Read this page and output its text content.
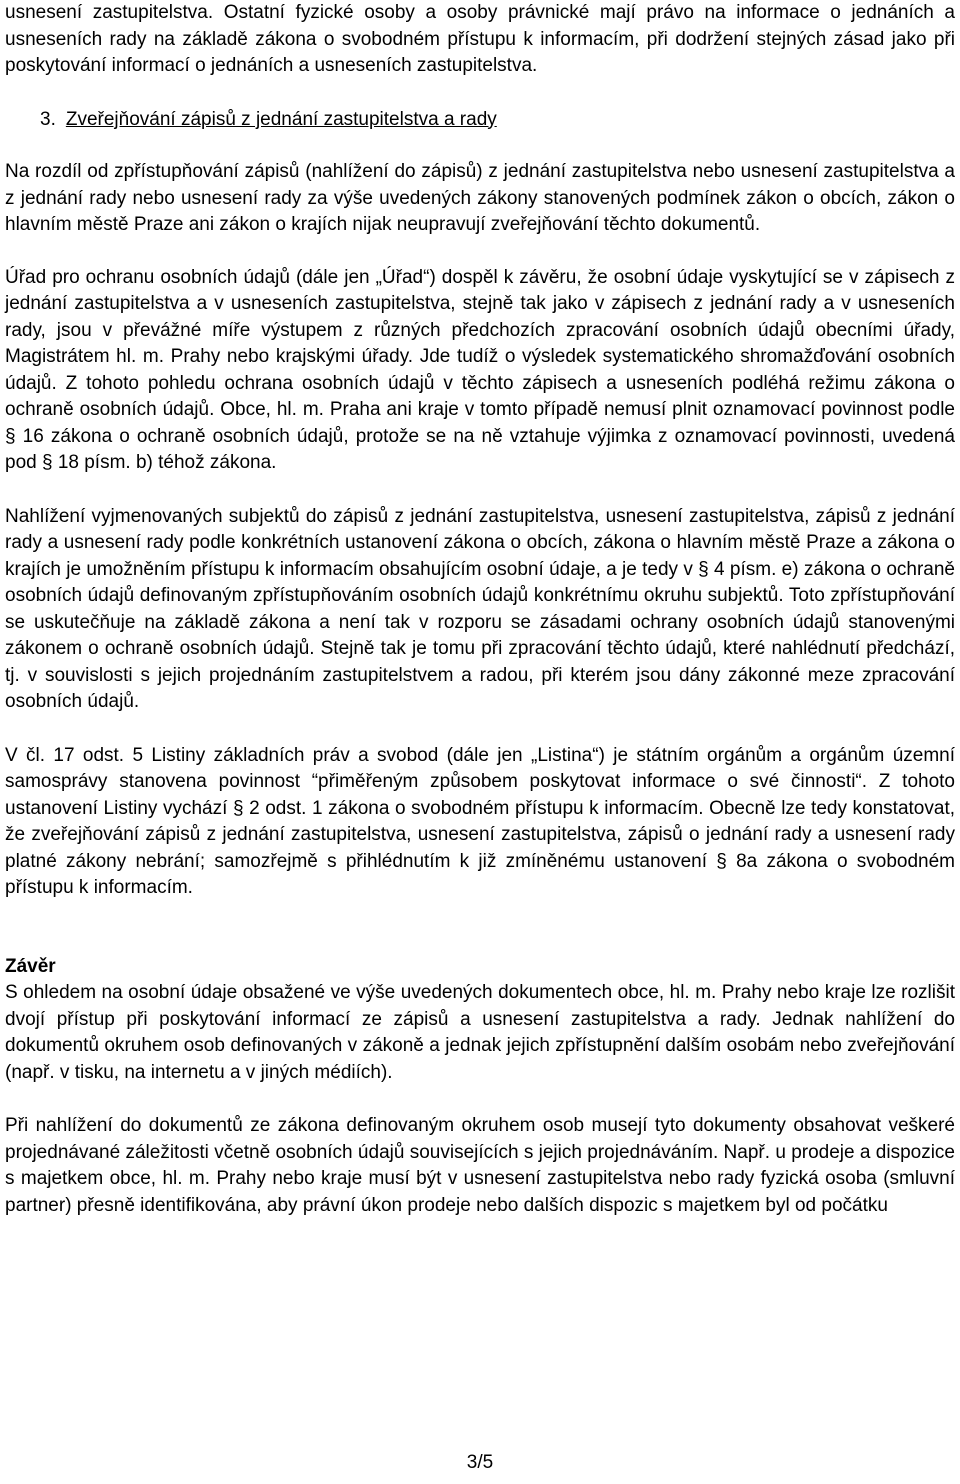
usnesení zastupitelstva. Ostatní fyzické osoby a osoby právnické mají právo na informace o jednáních a usneseních rady na základě zákona o svobodném přístupu k informacím, při dodržení stejných zásad jako při poskytování informací o jednáních a usneseních zastupitelstva.

3. Zveřejňování zápisů z jednání zastupitelstva a rady

Na rozdíl od zpřístupňování zápisů (nahlížení do zápisů) z jednání zastupitelstva nebo usnesení zastupitelstva a z jednání rady nebo usnesení rady za výše uvedených zákony stanovených podmínek zákon o obcích, zákon o hlavním městě Praze ani zákon o krajích nijak neupravují zveřejňování těchto dokumentů.

Úřad pro ochranu osobních údajů (dále jen „Úřad“) dospěl k závěru, že osobní údaje vyskytující se v zápisech z jednání zastupitelstva a v usneseních zastupitelstva, stejně tak jako v zápisech z jednání rady a v usneseních rady, jsou v převážné míře výstupem z různých předchozích zpracování osobních údajů obecními úřady, Magistrátem hl. m. Prahy nebo krajskými úřady. Jde tudíž o výsledek systematického shromažďování osobních údajů. Z tohoto pohledu ochrana osobních údajů v těchto zápisech a usneseních podléhá režimu zákona o ochraně osobních údajů. Obce, hl. m. Praha ani kraje v tomto případě nemusí plnit oznamovací povinnost podle § 16 zákona o ochraně osobních údajů, protože se na ně vztahuje výjimka z oznamovací povinnosti, uvedená pod § 18 písm. b) téhož zákona.

Nahlížení vyjmenovaných subjektů do zápisů z jednání zastupitelstva, usnesení zastupitelstva, zápisů z jednání rady a usnesení rady podle konkrétních ustanovení zákona o obcích, zákona o hlavním městě Praze a zákona o krajích je umožněním přístupu k informacím obsahujícím osobní údaje, a je tedy v § 4 písm. e) zákona o ochraně osobních údajů definovaným zpřístupňováním osobních údajů konkrétnímu okruhu subjektů. Toto zpřístupňování se uskutečňuje na základě zákona a není tak v rozporu se zásadami ochrany osobních údajů stanovenými zákonem o ochraně osobních údajů. Stejně tak je tomu při zpracování těchto údajů, které nahlédnutí předchází, tj. v souvislosti s jejich projednáním zastupitelstvem a radou, při kterém jsou dány zákonné meze zpracování osobních údajů.

V čl. 17 odst. 5 Listiny základních práv a svobod (dále jen „Listina“) je státním orgánům a orgánům územní samosprávy stanovena povinnost “přiměřeným způsobem poskytovat informace o své činnosti“. Z tohoto ustanovení Listiny vychází § 2 odst. 1 zákona o svobodném přístupu k informacím. Obecně lze tedy konstatovat, že zveřejňování zápisů z jednání zastupitelstva, usnesení zastupitelstva, zápisů o jednání rady a usnesení rady platné zákony nebrání; samozřejmě s přihlédnutím k již zmíněnému ustanovení § 8a zákona o svobodném přístupu k informacím.

Závěr

S ohledem na osobní údaje obsažené ve výše uvedených dokumentech obce, hl. m. Prahy nebo kraje lze rozlišit dvojí přístup při poskytování informací ze zápisů a usnesení zastupitelstva a rady. Jednak nahlížení do dokumentů okruhem osob definovaných v zákoně a jednak jejich zpřístupnění dalším osobám nebo zveřejňování (např. v tisku, na internetu a v jiných médiích).

Při nahlížení do dokumentů ze zákona definovaným okruhem osob musejí tyto dokumenty obsahovat veškeré projednávané záležitosti včetně osobních údajů souvisejících s jejich projednáváním. Např. u prodeje a dispozice s majetkem obce, hl. m. Prahy nebo kraje musí být v usnesení zastupitelstva nebo rady fyzická osoba (smluvní partner) přesně identifikována, aby právní úkon prodeje nebo dalších dispozic s majetkem byl od počátku

3/5
